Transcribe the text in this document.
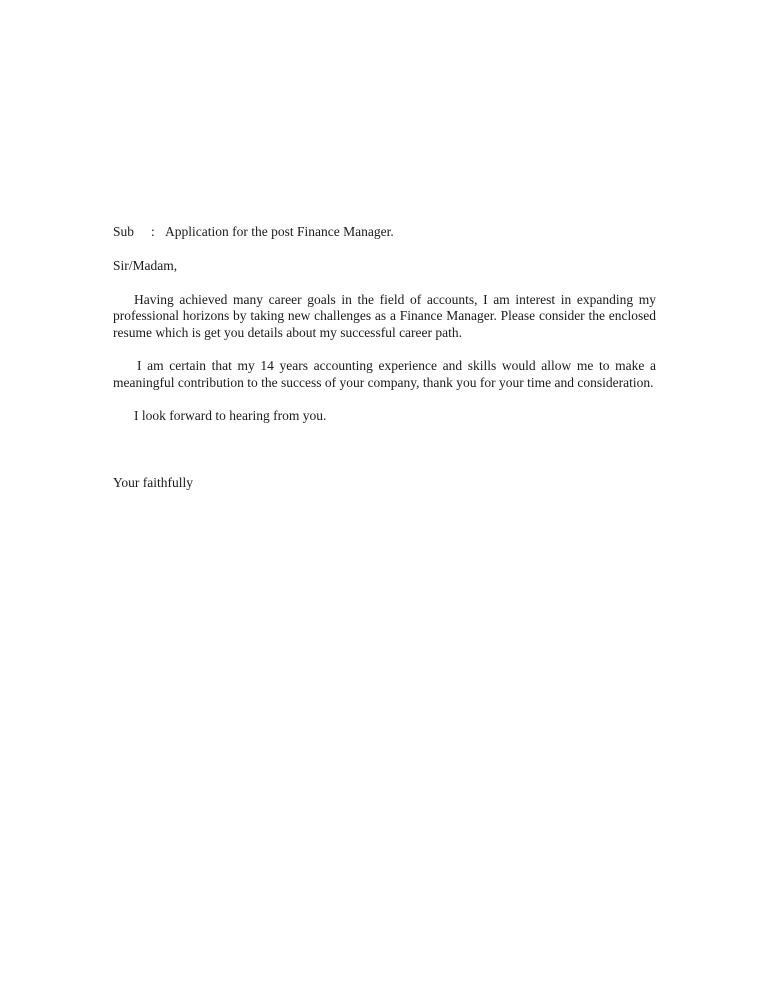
Sub	: Application for the post Finance Manager.
Sir/Madam,

Having achieved many career goals in the field of accounts, I am interest in expanding my professional horizons by taking new challenges as a Finance Manager. Please consider the enclosed resume which is get you details about my successful career path.

I am certain that my 14 years accounting experience and skills would allow me to make a meaningful contribution to the success of your company, thank you for your time and consideration.

I look forward to hearing from you.

Your faithfully
